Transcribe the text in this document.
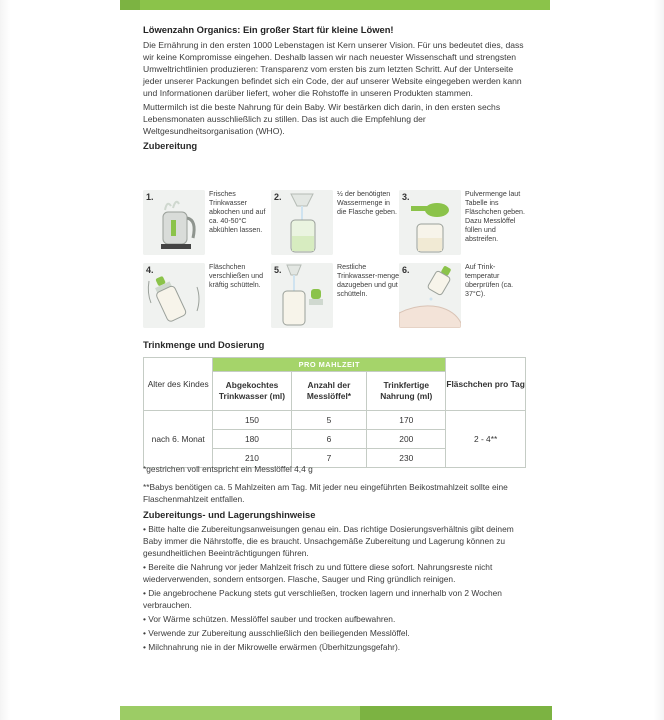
Löwenzahn Organics: Ein großer Start für kleine Löwen!

Die Ernährung in den ersten 1000 Lebenstagen ist Kern unserer Vision. Für uns bedeutet dies, dass wir keine Kompromisse eingehen. Deshalb lassen wir nach neuester Wissenschaft und strengsten Umweltrichtlinien produzieren: Transparenz vom ersten bis zum letzten Schritt. Auf der Unterseite jeder unserer Packungen befindet sich ein Code, der auf unserer Website eingegeben werden kann und Informationen darüber liefert, woher die Rohstoffe in unseren Produkten stammen.

Muttermilch ist die beste Nahrung für dein Baby. Wir bestärken dich darin, in den ersten sechs Lebensmonaten ausschließlich zu stillen. Das ist auch die Empfehlung der Weltgesundheitsorganisation (WHO).

Zubereitung

1.	Frisches Trinkwasser abkochen und auf ca. 40-50°C abkühlen lassen.
2.	½ der benötigten Wassermenge in die Flasche geben.
3.	Pulvermenge laut Tabelle ins Fläschchen geben. Dazu Messlöffel füllen und abstreifen.
4.	Fläschchen verschließen und kräftig schütteln.
5.	Restliche Trinkwasser-menge dazugeben und gut schütteln.
6.	Auf Trink-temperatur überprüfen (ca. 37°C).
Trinkmenge und Dosierung
Alter des Kindes	PRO MAHLZEIT			Fläschchen pro Tag
	Abgekochtes Trinkwasser (ml)	Anzahl der Messlöffel*	Trinkfertige Nahrung (ml)	
nach 6. Monat	150	5	170	2 - 4**
	180	6	200	
	210	7	230	
*gestrichen voll entspricht ein Messlöffel 4,4 g
**Babys benötigen ca. 5 Mahlzeiten am Tag. Mit jeder neu eingeführten Beikostmahlzeit sollte eine Flaschenmahlzeit entfallen.

Zubereitungs- und Lagerungshinweise

• Bitte halte die Zubereitungsanweisungen genau ein. Das richtige Dosierungsverhältnis gibt deinem Baby immer die Nährstoffe, die es braucht. Unsachgemäße Zubereitung und Lagerung können zu gesundheitlichen Beeinträchtigungen führen.

• Bereite die Nahrung vor jeder Mahlzeit frisch zu und füttere diese sofort. Nahrungsreste nicht wiederverwenden, sondern entsorgen. Flasche, Sauger und Ring gründlich reinigen.

• Die angebrochene Packung stets gut verschließen, trocken lagern und innerhalb von 2 Wochen verbrauchen.

• Vor Wärme schützen. Messlöffel sauber und trocken aufbewahren.

• Verwende zur Zubereitung ausschließlich den beiliegenden Messlöffel.

• Milchnahrung nie in der Mikrowelle erwärmen (Überhitzungsgefahr).
